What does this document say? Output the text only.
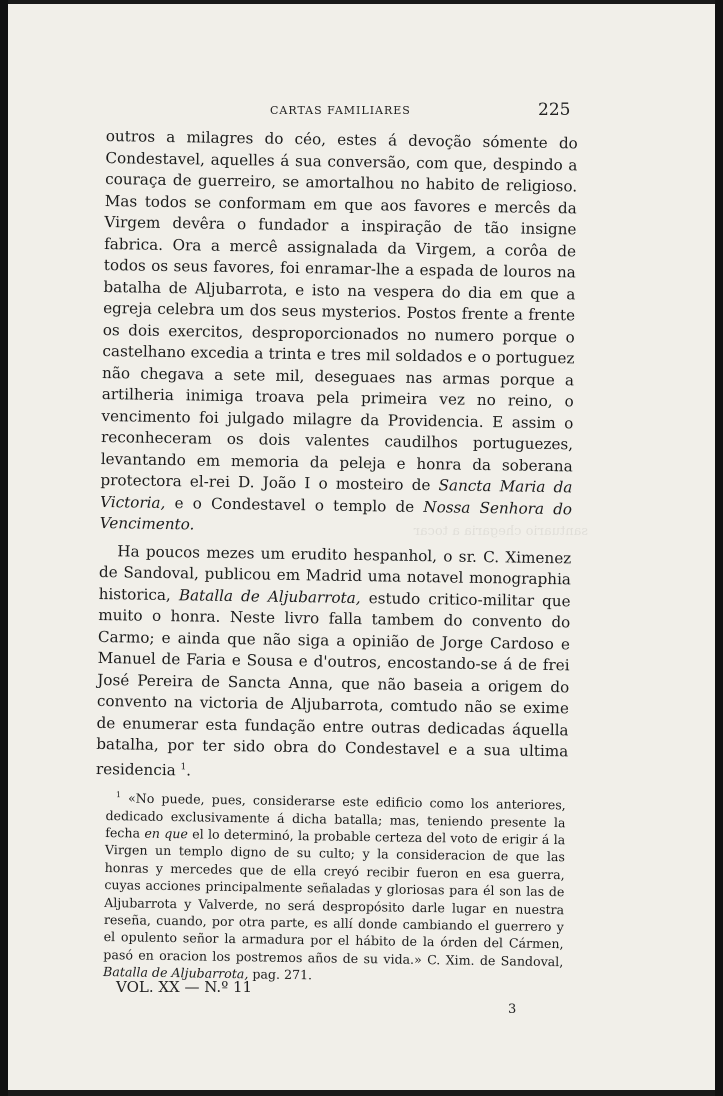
CARTAS FAMILIARES	225
santuario chegaria a tocar

outros a milagres do céo, estes á devoção sómente do Condestavel, aquelles á sua conversão, com que, despindo a couraça de guerreiro, se amortalhou no habito de religioso. Mas todos se conformam em que aos favores e mercês da Virgem devêra o fundador a inspiração de tão insigne fabrica. Ora a mercê assignalada da Virgem, a corôa de todos os seus favores, foi enramar-lhe a espada de louros na batalha de Aljubarrota, e isto na vespera do dia em que a egreja celebra um dos seus mysterios. Postos frente a frente os dois exercitos, desproporcionados no numero porque o castelhano excedia a trinta e tres mil soldados e o portuguez não chegava a sete mil, deseguaes nas armas porque a artilheria inimiga troava pela primeira vez no reino, o vencimento foi julgado milagre da Providencia. E assim o reconheceram os dois valentes caudilhos portuguezes, levantando em memoria da peleja e honra da soberana protectora el-rei D. João I o mosteiro de Sancta Maria da Victoria, e o Condestavel o templo de Nossa Senhora do Vencimento.

Ha poucos mezes um erudito hespanhol, o sr. C. Ximenez de Sandoval, publicou em Madrid uma notavel monographia historica, Batalla de Aljubarrota, estudo critico-militar que muito o honra. Neste livro falla tambem do convento do Carmo; e ainda que não siga a opinião de Jorge Cardoso e Manuel de Faria e Sousa e d'outros, encostando-se á de frei José Pereira de Sancta Anna, que não baseia a origem do convento na victoria de Aljubarrota, comtudo não se exime de enumerar esta fundação entre outras dedicadas áquella batalha, por ter sido obra do Condestavel e a sua ultima residencia $^1$.

$^1$ «No puede, pues, considerarse este edificio como los anteriores, dedicado exclusivamente á dicha batalla; mas, teniendo presente la fecha en que el lo determinó, la probable certeza del voto de erigir á la Virgen un templo digno de su culto; y la consideracion de que las honras y mercedes que de ella creyó recibir fueron en esa guerra, cuyas acciones principalmente señaladas y gloriosas para él son las de Aljubarrota y Valverde, no será despropósito darle lugar en nuestra reseña, cuando, por otra parte, es allí donde cambiando el guerrero y el opulento señor la armadura por el hábito de la órden del Cármen, pasó en oracion los postremos años de su vida.» C. Xim. de Sandoval, Batalla de Aljubarrota, pag. 271.

VOL. XX — N.º 11
3
